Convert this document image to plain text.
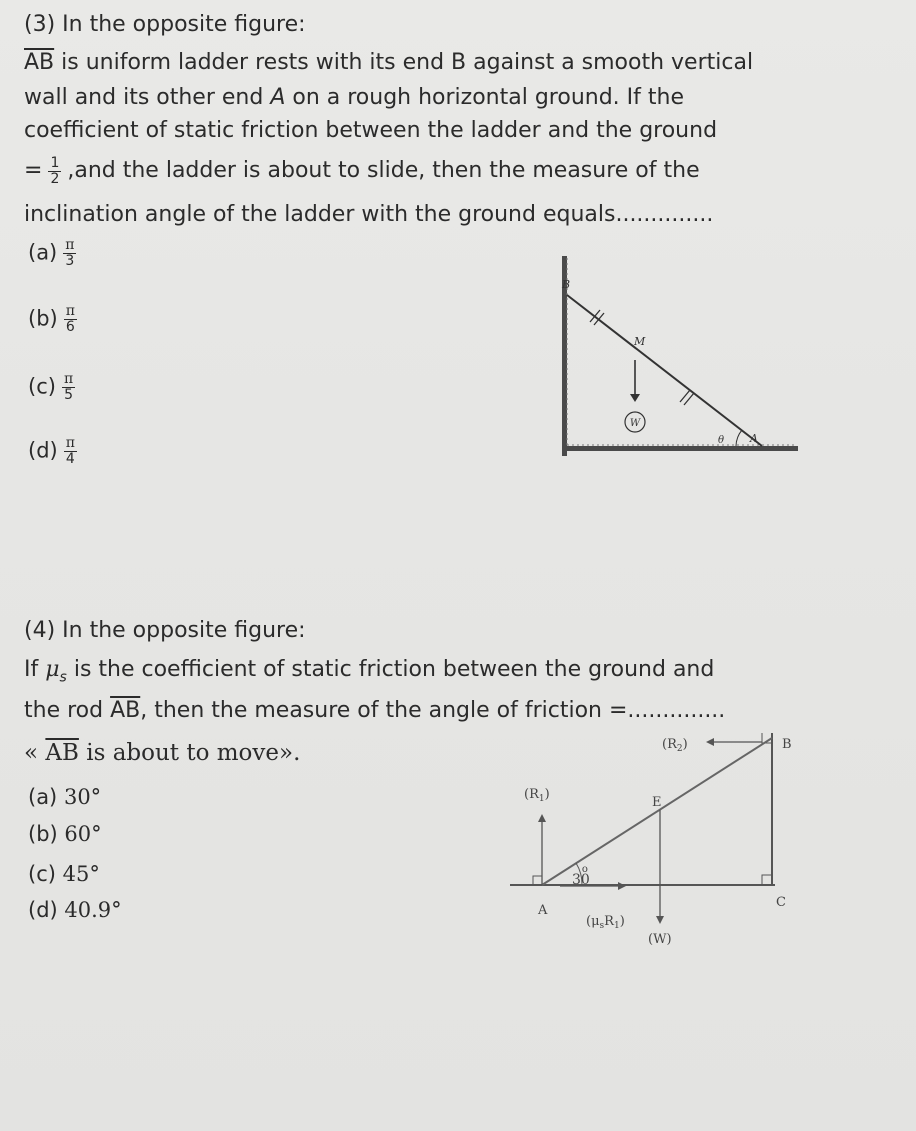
(3) In the opposite figure:
$\overline{AB}$ is uniform ladder rests with its end B against a smooth vertical
wall and its other end A on a rough horizontal ground. If the
coefficient of static friction between the ladder and the ground
= $\frac{1}{2} ,and$ the ladder is about to slide, then the measure of the
inclination angle of the ladder with the ground equals..............
$(a) \frac{\pi}{3}$
$(b) \frac{\pi}{6}$
$(c) \frac{\pi}{5}$
$(d) \frac{\pi}{4}$
W
B
M
θ A
(4) In the opposite figure:
If $\mu_s$ is the coefficient of static friction between the ground and
the rod $\overline{AB}$, then the measure of the angle of friction =..............
« $\overline{AB}$ is about to move».
(a) 30°
(b) 60°
(c) 45°
(d) 40.9°
$(R_2)$	B
$(R_1)$
E
30o
A
C
$(\mu_sR_1)$
(W)
